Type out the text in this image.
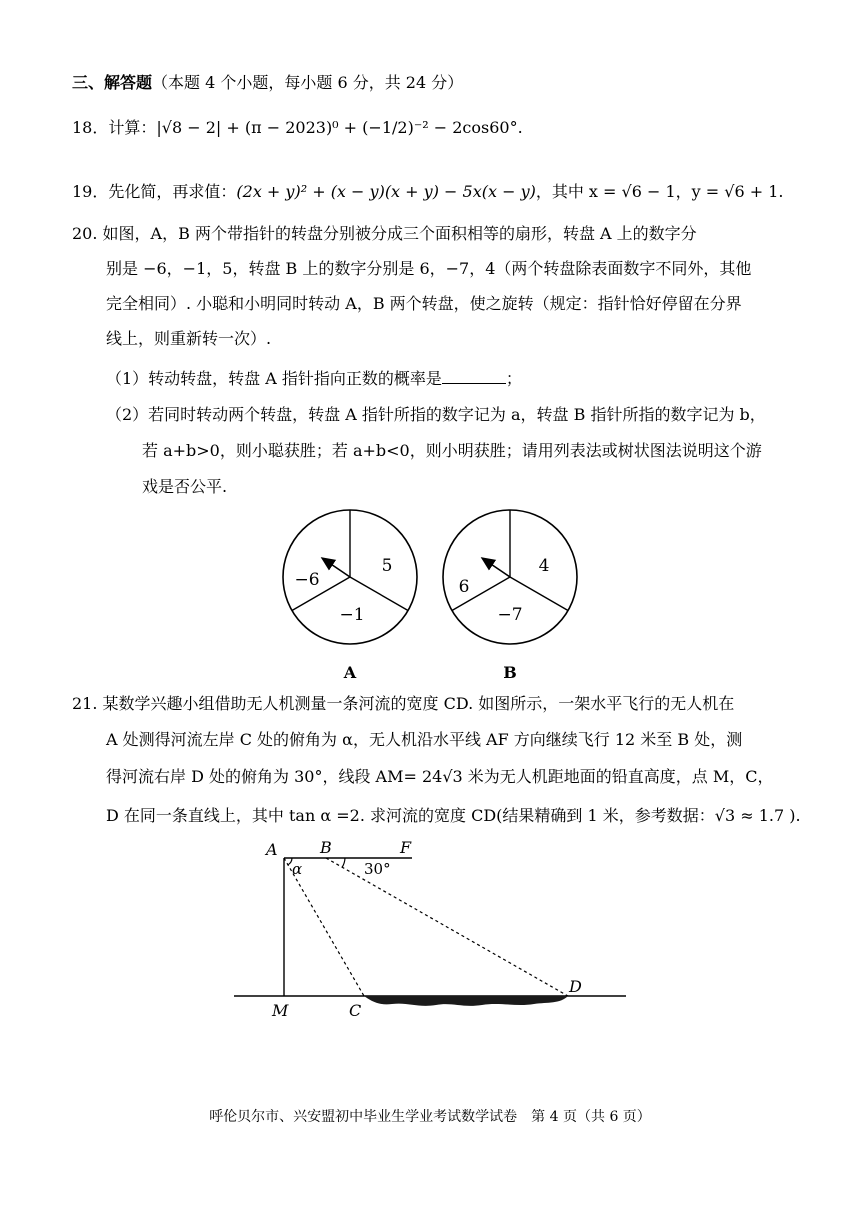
三、解答题（本题 4 个小题，每小题 6 分，共 24 分）
18．计算：|√8 − 2| + (π − 2023)⁰ + (−1/2)⁻² − 2cos60°.
19．先化简，再求值：(2x + y)² + (x − y)(x + y) − 5x(x − y)，其中 x = √6 − 1，y = √6 + 1.
20. 如图，A，B 两个带指针的转盘分别被分成三个面积相等的扇形，转盘 A 上的数字分
别是 −6，−1，5，转盘 B 上的数字分别是 6，−7，4（两个转盘除表面数字不同外，其他
完全相同）. 小聪和小明同时转动 A，B 两个转盘，使之旋转（规定：指针恰好停留在分界
线上，则重新转一次）.
（1）转动转盘，转盘 A 指针指向正数的概率是	；
（2）若同时转动两个转盘，转盘 A 指针所指的数字记为 a，转盘 B 指针所指的数字记为 b，
若 a+b>0，则小聪获胜；若 a+b<0，则小明获胜；请用列表法或树状图法说明这个游
戏是否公平.
5
−1
−6
A
4
−7
6
B
21. 某数学兴趣小组借助无人机测量一条河流的宽度 CD. 如图所示，一架水平飞行的无人机在
A 处测得河流左岸 C 处的俯角为 α，无人机沿水平线 AF 方向继续飞行 12 米至 B 处，测
得河流右岸 D 处的俯角为 30°，线段 AM= 24√3 米为无人机距地面的铅直高度，点 M，C，
D 在同一条直线上，其中 tan α =2. 求河流的宽度 CD(结果精确到 1 米，参考数据：√3 ≈ 1.7 ).
A	B	F
α	30°
M	C
D
呼伦贝尔市、兴安盟初中毕业生学业考试数学试卷　第 4 页（共 6 页）
